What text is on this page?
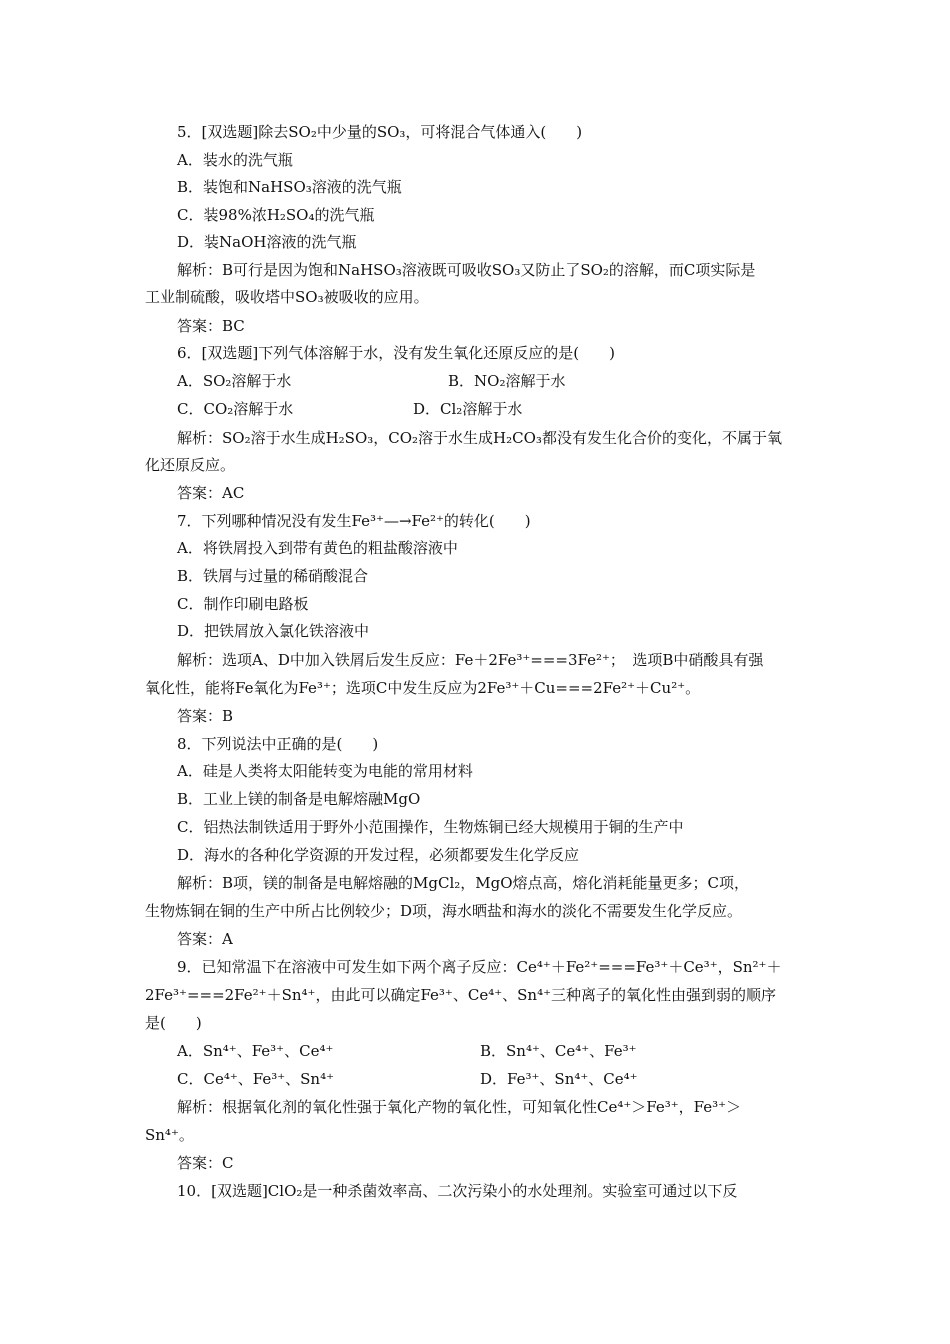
5．[双选题]除去SO₂中少量的SO₃，可将混合气体通入(　　)
A．装水的洗气瓶
B．装饱和NaHSO₃溶液的洗气瓶
C．装98%浓H₂SO₄的洗气瓶
D．装NaOH溶液的洗气瓶
解析：B可行是因为饱和NaHSO₃溶液既可吸收SO₃又防止了SO₂的溶解，而C项实际是
工业制硫酸，吸收塔中SO₃被吸收的应用。
答案：BC
6．[双选题]下列气体溶解于水，没有发生氧化还原反应的是(　　)
A．SO₂溶解于水	B．NO₂溶解于水
C．CO₂溶解于水	D．Cl₂溶解于水
解析：SO₂溶于水生成H₂SO₃，CO₂溶于水生成H₂CO₃都没有发生化合价的变化，不属于氧
化还原反应。
答案：AC
7．下列哪种情况没有发生Fe³⁺—→Fe²⁺的转化(　　)
A．将铁屑投入到带有黄色的粗盐酸溶液中
B．铁屑与过量的稀硝酸混合
C．制作印刷电路板
D．把铁屑放入氯化铁溶液中
解析：选项A、D中加入铁屑后发生反应：Fe＋2Fe³⁺===3Fe²⁺；　选项B中硝酸具有强
氧化性，能将Fe氧化为Fe³⁺；选项C中发生反应为2Fe³⁺＋Cu===2Fe²⁺＋Cu²⁺。
答案：B
8．下列说法中正确的是(　　)
A．硅是人类将太阳能转变为电能的常用材料
B．工业上镁的制备是电解熔融MgO
C．铝热法制铁适用于野外小范围操作，生物炼铜已经大规模用于铜的生产中
D．海水的各种化学资源的开发过程，必须都要发生化学反应
解析：B项，镁的制备是电解熔融的MgCl₂，MgO熔点高，熔化消耗能量更多；C项，
生物炼铜在铜的生产中所占比例较少；D项，海水晒盐和海水的淡化不需要发生化学反应。
答案：A
9．已知常温下在溶液中可发生如下两个离子反应：Ce⁴⁺＋Fe²⁺===Fe³⁺＋Ce³⁺，Sn²⁺＋
2Fe³⁺===2Fe²⁺＋Sn⁴⁺，由此可以确定Fe³⁺、Ce⁴⁺、Sn⁴⁺三种离子的氧化性由强到弱的顺序
是(　　)
A．Sn⁴⁺、Fe³⁺、Ce⁴⁺	B．Sn⁴⁺、Ce⁴⁺、Fe³⁺
C．Ce⁴⁺、Fe³⁺、Sn⁴⁺	D．Fe³⁺、Sn⁴⁺、Ce⁴⁺
解析：根据氧化剂的氧化性强于氧化产物的氧化性，可知氧化性Ce⁴⁺＞Fe³⁺，Fe³⁺＞
Sn⁴⁺。
答案：C
10．[双选题]ClO₂是一种杀菌效率高、二次污染小的水处理剂。实验室可通过以下反
